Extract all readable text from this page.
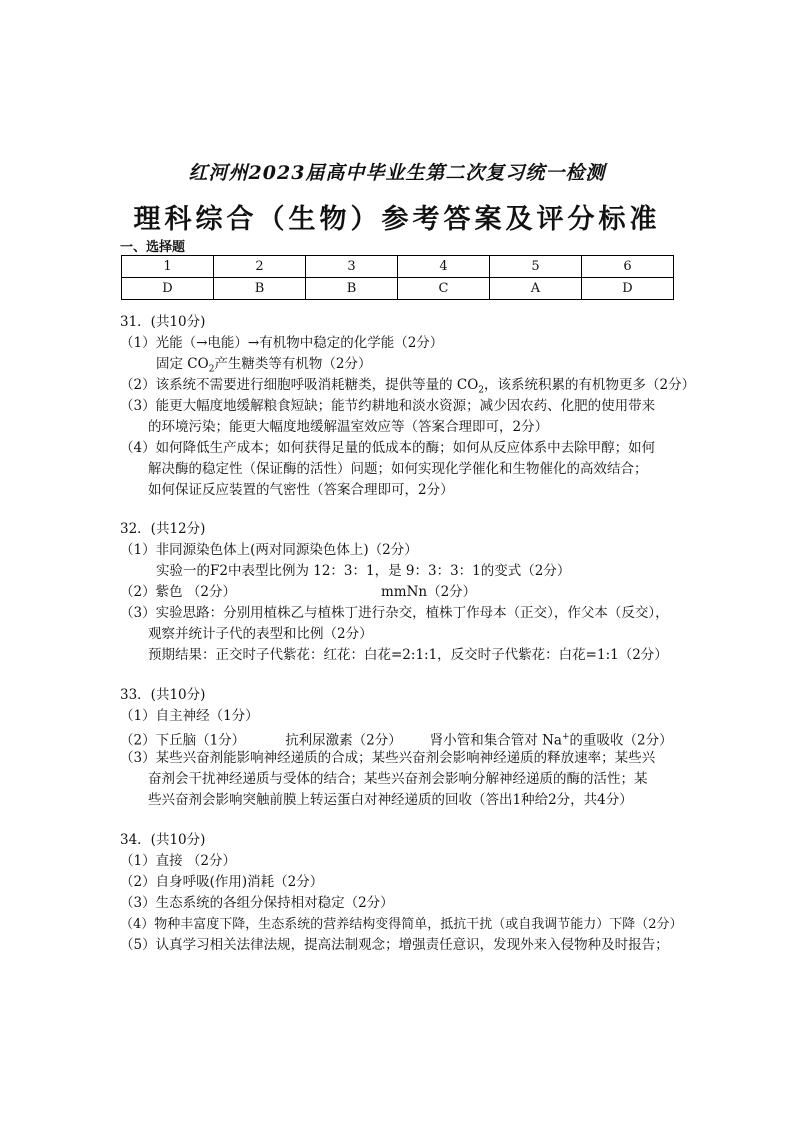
红河州2023届高中毕业生第二次复习统一检测
理科综合（生物）参考答案及评分标准
一、选择题
1	2	3	4	5	6
D	B	B	C	A	D
31．(共10分)
（1）光能（→电能）→有机物中稳定的化学能（2分）
固定 $CO_2$产生糖类等有机物（2分）
（2）该系统不需要进行细胞呼吸消耗糖类，提供等量的 $CO_2$，该系统积累的有机物更多（2分）
（3）能更大幅度地缓解粮食短缺；能节约耕地和淡水资源；减少因农药、化肥的使用带来
的环境污染；能更大幅度地缓解温室效应等（答案合理即可，2分）
（4）如何降低生产成本；如何获得足量的低成本的酶；如何从反应体系中去除甲醇；如何
解决酶的稳定性（保证酶的活性）问题；如何实现化学催化和生物催化的高效结合；
如何保证反应装置的气密性（答案合理即可，2分）
32．(共12分)
（1）非同源染色体上(两对同源染色体上)（2分）
实验一的F2中表型比例为 12：3：1，是 9：3：3：1的变式（2分）
（2）紫色 （2分）	mmNn（2分）
（3）实验思路：分别用植株乙与植株丁进行杂交，植株丁作母本（正交），作父本（反交），
观察并统计子代的表型和比例（2分）
预期结果：正交时子代紫花：红花：白花=2:1:1，反交时子代紫花：白花=1:1（2分）
33．(共10分)
（1）自主神经（1分）
（2）下丘脑（1分）	抗利尿激素（2分） 肾小管和集合管对 Na+的重吸收（2分）
（3）某些兴奋剂能影响神经递质的合成；某些兴奋剂会影响神经递质的释放速率；某些兴
奋剂会干扰神经递质与受体的结合；某些兴奋剂会影响分解神经递质的酶的活性；某
些兴奋剂会影响突触前膜上转运蛋白对神经递质的回收（答出1种给2分，共4分）
34．(共10分)
（1）直接 （2分）
（2）自身呼吸(作用)消耗（2分）
（3）生态系统的各组分保持相对稳定（2分）
（4）物种丰富度下降，生态系统的营养结构变得简单，抵抗干扰（或自我调节能力）下降（2分）
（5）认真学习相关法律法规，提高法制观念；增强责任意识，发现外来入侵物种及时报告；
